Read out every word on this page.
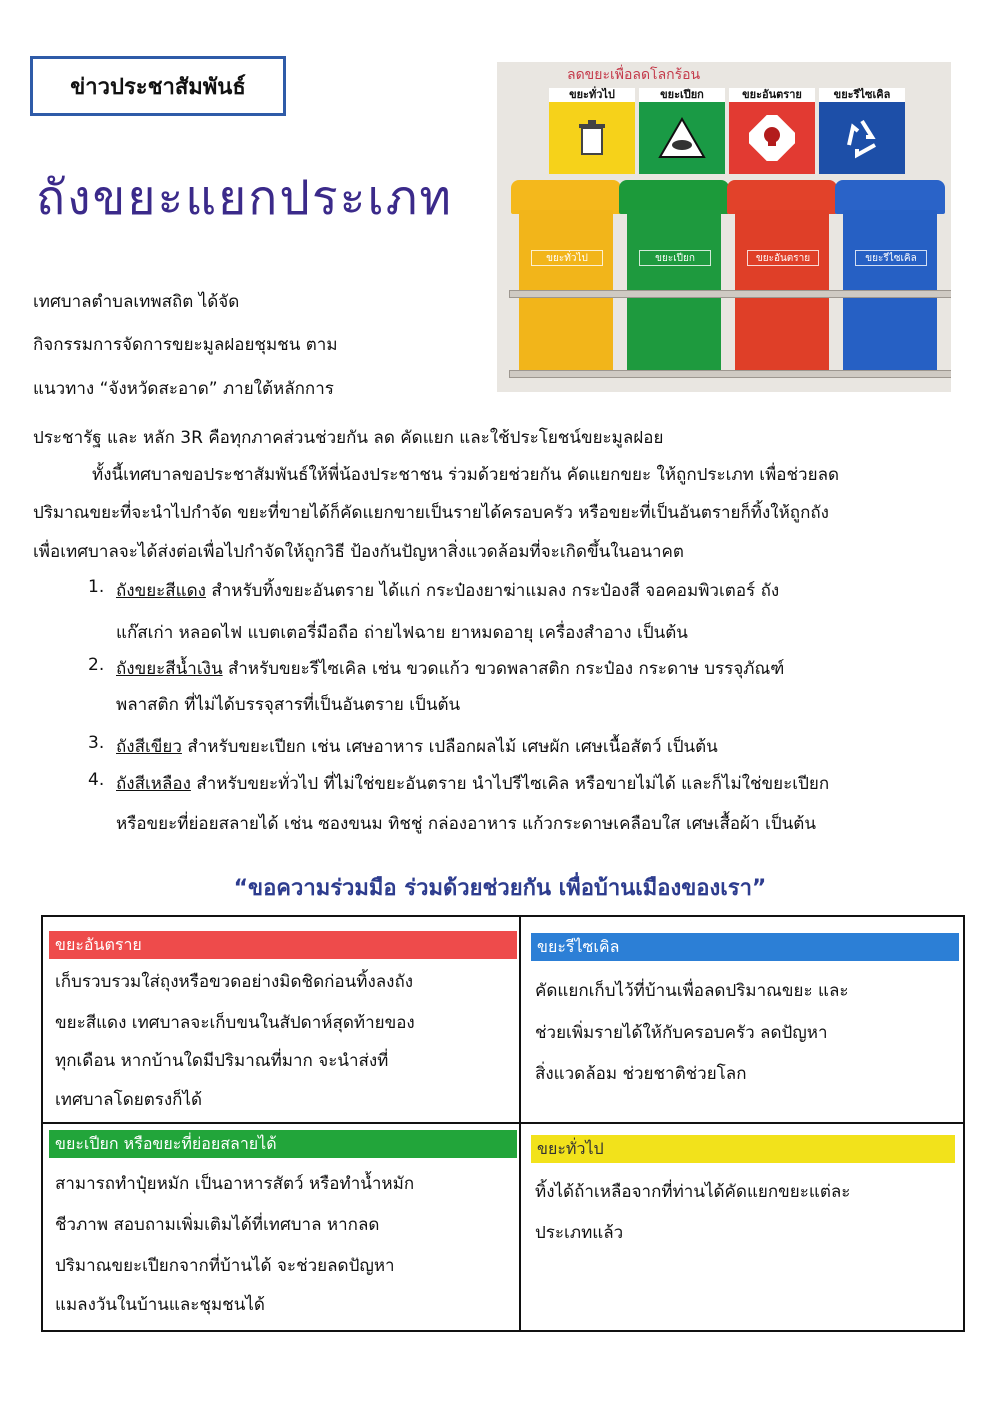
ข่าวประชาสัมพันธ์
ถังขยะแยกประเภท
ลดขยะเพื่อลดโลกร้อน
ขยะทั่วไป	ขยะเปียก	ขยะอันตราย	ขยะรีไซเคิล
ขยะทั่วไป	ขยะเปียก	ขยะอันตราย	ขยะรีไซเคิล
เทศบาลตำบลเทพสถิต ได้จัด
กิจกรรมการจัดการขยะมูลฝอยชุมชน ตาม
แนวทาง “จังหวัดสะอาด” ภายใต้หลักการ
ประชารัฐ และ หลัก 3R คือทุกภาคส่วนช่วยกัน ลด คัดแยก และใช้ประโยชน์ขยะมูลฝอย
ทั้งนี้เทศบาลขอประชาสัมพันธ์ให้พี่น้องประชาชน ร่วมด้วยช่วยกัน คัดแยกขยะ ให้ถูกประเภท เพื่อช่วยลด
ปริมาณขยะที่จะนำไปกำจัด ขยะที่ขายได้ก็คัดแยกขายเป็นรายได้ครอบครัว หรือขยะที่เป็นอันตรายก็ทิ้งให้ถูกถัง
เพื่อเทศบาลจะได้ส่งต่อเพื่อไปกำจัดให้ถูกวิธี ป้องกันปัญหาสิ่งแวดล้อมที่จะเกิดขึ้นในอนาคต
1. ถังขยะสีแดง สำหรับทิ้งขยะอันตราย ได้แก่ กระป๋องยาฆ่าแมลง กระป๋องสี จอคอมพิวเตอร์ ถัง
แก๊สเก่า หลอดไฟ แบตเตอรี่มือถือ ถ่ายไฟฉาย ยาหมดอายุ เครื่องสำอาง เป็นต้น
2. ถังขยะสีน้ำเงิน สำหรับขยะรีไซเคิล เช่น ขวดแก้ว ขวดพลาสติก กระป๋อง กระดาษ บรรจุภัณฑ์
พลาสติก ที่ไม่ได้บรรจุสารที่เป็นอันตราย เป็นต้น
3. ถังสีเขียว สำหรับขยะเปียก เช่น เศษอาหาร เปลือกผลไม้ เศษผัก เศษเนื้อสัตว์ เป็นต้น
4. ถังสีเหลือง สำหรับขยะทั่วไป ที่ไม่ใช่ขยะอันตราย นำไปรีไซเคิล หรือขายไม่ได้ และก็ไม่ใช่ขยะเปียก
หรือขยะที่ย่อยสลายได้ เช่น ซองขนม ทิชชู่ กล่องอาหาร แก้วกระดาษเคลือบใส เศษเสื้อผ้า เป็นต้น
“ขอความร่วมมือ ร่วมด้วยช่วยกัน เพื่อบ้านเมืองของเรา”
ขยะอันตราย
เก็บรวบรวมใส่ถุงหรือขวดอย่างมิดชิดก่อนทิ้งลงถัง
ขยะสีแดง เทศบาลจะเก็บขนในสัปดาห์สุดท้ายของ
ทุกเดือน หากบ้านใดมีปริมาณที่มาก จะนำส่งที่
เทศบาลโดยตรงก็ได้
ขยะรีไซเคิล
คัดแยกเก็บไว้ที่บ้านเพื่อลดปริมาณขยะ และ
ช่วยเพิ่มรายได้ให้กับครอบครัว ลดปัญหา
สิ่งแวดล้อม ช่วยชาติช่วยโลก
ขยะเปียก หรือขยะที่ย่อยสลายได้
สามารถทำปุ๋ยหมัก เป็นอาหารสัตว์ หรือทำน้ำหมัก
ชีวภาพ สอบถามเพิ่มเติมได้ที่เทศบาล หากลด
ปริมาณขยะเปียกจากที่บ้านได้ จะช่วยลดปัญหา
แมลงวันในบ้านและชุมชนได้
ขยะทั่วไป
ทิ้งได้ถ้าเหลือจากที่ท่านได้คัดแยกขยะแต่ละ
ประเภทแล้ว
